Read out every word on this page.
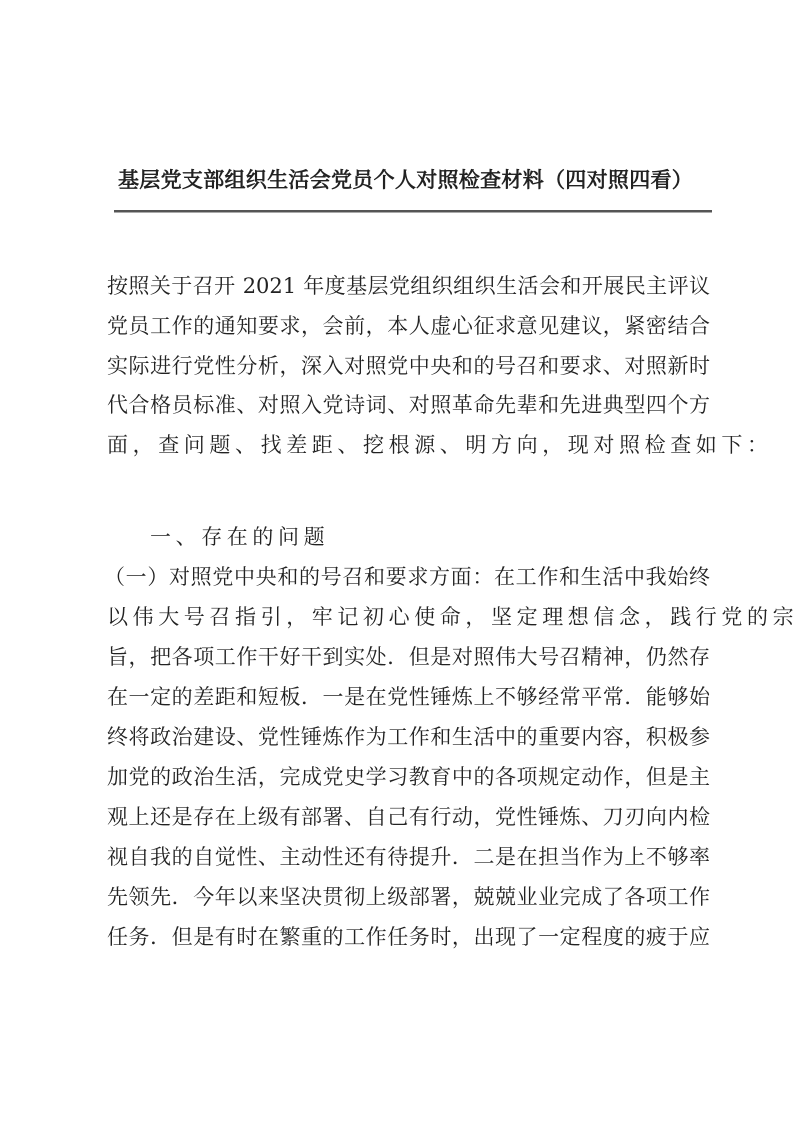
基层党支部组织生活会党员个人对照检查材料（四对照四看）
按照关于召开 2021 年度基层党组织组织生活会和开展民主评议
党员工作的通知要求，会前，本人虚心征求意见建议，紧密结合
实际进行党性分析，深入对照党中央和的号召和要求、对照新时
代合格员标准、对照入党诗词、对照革命先辈和先进典型四个方
面，查问题、找差距、挖根源、明方向，现对照检查如下：
一、存在的问题
（一）对照党中央和的号召和要求方面：在工作和生活中我始终
以伟大号召指引，牢记初心使命，坚定理想信念，践行党的宗
旨，把各项工作干好干到实处．但是对照伟大号召精神，仍然存
在一定的差距和短板．一是在党性锤炼上不够经常平常．能够始
终将政治建设、党性锤炼作为工作和生活中的重要内容，积极参
加党的政治生活，完成党史学习教育中的各项规定动作，但是主
观上还是存在上级有部署、自己有行动，党性锤炼、刀刃向内检
视自我的自觉性、主动性还有待提升．二是在担当作为上不够率
先领先．今年以来坚决贯彻上级部署，兢兢业业完成了各项工作
任务．但是有时在繁重的工作任务时，出现了一定程度的疲于应
